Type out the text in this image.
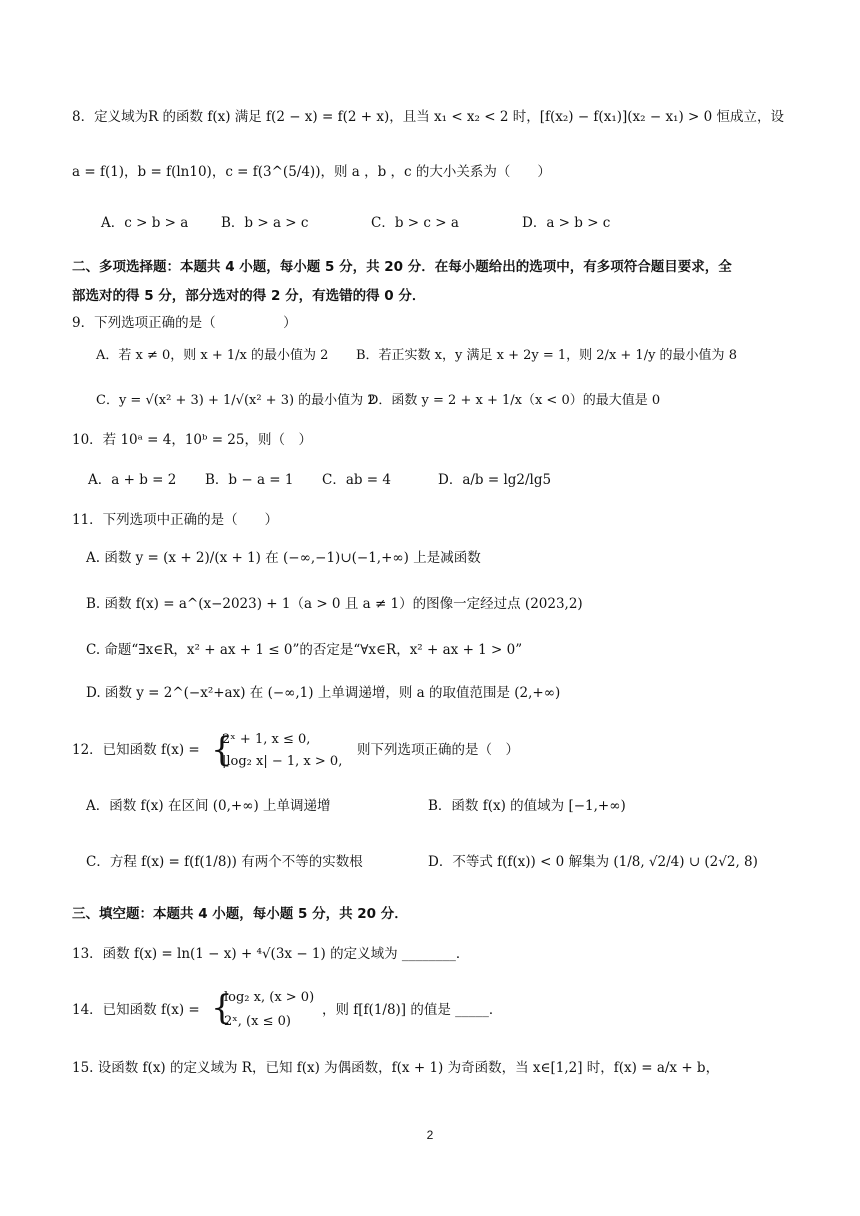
8．定义域为R 的函数 f(x) 满足 f(2 − x) = f(2 + x)，且当 x₁ < x₂ < 2 时，[f(x₂) − f(x₁)](x₂ − x₁) > 0 恒成立，设
a = f(1)，b = f(ln10)，c = f(3^(5/4))，则 a ，b ，c 的大小关系为（　　）
A．c > b > a B．b > a > c	C．b > c > a	D．a > b > c
二、多项选择题：本题共 4 小题，每小题 5 分，共 20 分．在每小题给出的选项中，有多项符合题目要求，全
部选对的得 5 分，部分选对的得 2 分，有选错的得 0 分．
9．下列选项正确的是（　　　　　）
A．若 x ≠ 0，则 x + 1/x 的最小值为 2 B．若正实数 x，y 满足 x + 2y = 1，则 2/x + 1/y 的最小值为 8
C．y = √(x² + 3) + 1/√(x² + 3) 的最小值为 2
D．函数 y = 2 + x + 1/x（x < 0）的最大值是 0
10．若 10ᵃ = 4，10ᵇ = 25，则（　）
A．a + b = 2 B．b − a = 1 C．ab = 4	D．a/b = lg2/lg5
11．下列选项中正确的是（　　）
A. 函数 y = (x + 2)/(x + 1) 在 (−∞,−1)∪(−1,+∞) 上是减函数
B. 函数 f(x) = a^(x−2023) + 1（a > 0 且 a ≠ 1）的图像一定经过点 (2023,2)
C. 命题“∃x∈R，x² + ax + 1 ≤ 0”的否定是“∀x∈R，x² + ax + 1 > 0”
D. 函数 y = 2^(−x²+ax) 在 (−∞,1) 上单调递增，则 a 的取值范围是 (2,+∞)
12．已知函数 f(x) = {
2ˣ + 1, x ≤ 0,
|log₂ x| − 1, x > 0,
则下列选项正确的是（　）
A．函数 f(x) 在区间 (0,+∞) 上单调递增	B．函数 f(x) 的值域为 [−1,+∞)
C．方程 f(x) = f(f(1/8)) 有两个不等的实数根	D．不等式 f(f(x)) < 0 解集为 (1/8, √2/4) ∪ (2√2, 8)
三、填空题：本题共 4 小题，每小题 5 分，共 20 分．
13．函数 f(x) = ln(1 − x) + ⁴√(3x − 1) 的定义域为 ________．
14．已知函数 f(x) = {
log₂ x, (x > 0)
2ˣ, (x ≤ 0)
，则 f[f(1/8)] 的值是 _____．
15. 设函数 f(x) 的定义域为 R，已知 f(x) 为偶函数，f(x + 1) 为奇函数，当 x∈[1,2] 时，f(x) = a/x + b，
2
